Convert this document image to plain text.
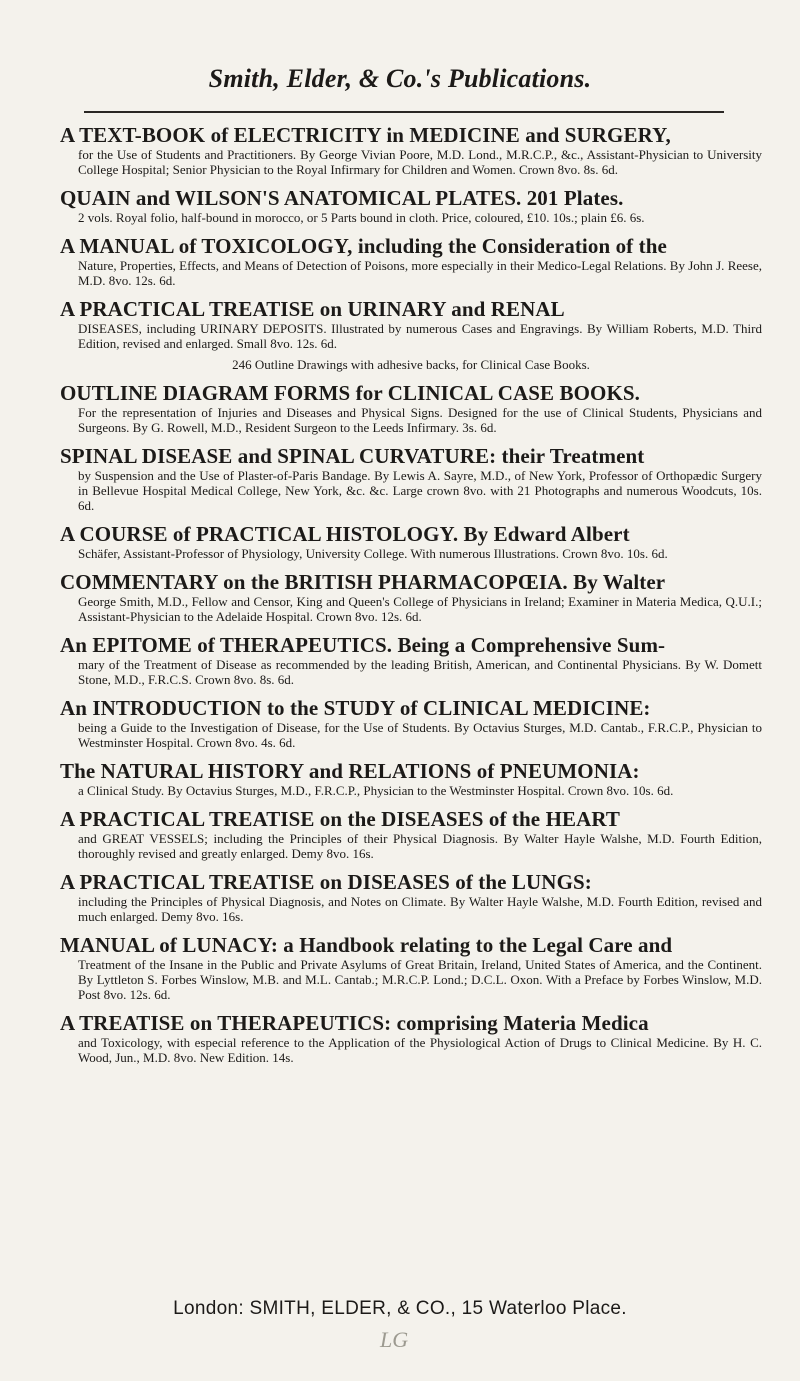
Smith, Elder, & Co.'s Publications.
A TEXT-BOOK of ELECTRICITY in MEDICINE and SURGERY,
for the Use of Students and Practitioners. By George Vivian Poore, M.D. Lond., M.R.C.P., &c., Assistant-Physician to University College Hospital; Senior Physician to the Royal Infirmary for Children and Women. Crown 8vo. 8s. 6d.
QUAIN and WILSON'S ANATOMICAL PLATES. 201 Plates.
2 vols. Royal folio, half-bound in morocco, or 5 Parts bound in cloth. Price, coloured, £10. 10s.; plain £6. 6s.
A MANUAL of TOXICOLOGY, including the Consideration of the
Nature, Properties, Effects, and Means of Detection of Poisons, more especially in their Medico-Legal Relations. By John J. Reese, M.D. 8vo. 12s. 6d.
A PRACTICAL TREATISE on URINARY and RENAL
DISEASES, including URINARY DEPOSITS. Illustrated by numerous Cases and Engravings. By William Roberts, M.D. Third Edition, revised and enlarged. Small 8vo. 12s. 6d.
246 Outline Drawings with adhesive backs, for Clinical Case Books.
OUTLINE DIAGRAM FORMS for CLINICAL CASE BOOKS.
For the representation of Injuries and Diseases and Physical Signs. Designed for the use of Clinical Students, Physicians and Surgeons. By G. Rowell, M.D., Resident Surgeon to the Leeds Infirmary. 3s. 6d.
SPINAL DISEASE and SPINAL CURVATURE: their Treatment
by Suspension and the Use of Plaster-of-Paris Bandage. By Lewis A. Sayre, M.D., of New York, Professor of Orthopædic Surgery in Bellevue Hospital Medical College, New York, &c. &c. Large crown 8vo. with 21 Photographs and numerous Woodcuts, 10s. 6d.
A COURSE of PRACTICAL HISTOLOGY. By Edward Albert
Schäfer, Assistant-Professor of Physiology, University College. With numerous Illustrations. Crown 8vo. 10s. 6d.
COMMENTARY on the BRITISH PHARMACOPŒIA. By Walter
George Smith, M.D., Fellow and Censor, King and Queen's College of Physicians in Ireland; Examiner in Materia Medica, Q.U.I.; Assistant-Physician to the Adelaide Hospital. Crown 8vo. 12s. 6d.
An EPITOME of THERAPEUTICS. Being a Comprehensive Sum-
mary of the Treatment of Disease as recommended by the leading British, American, and Continental Physicians. By W. Domett Stone, M.D., F.R.C.S. Crown 8vo. 8s. 6d.
An INTRODUCTION to the STUDY of CLINICAL MEDICINE:
being a Guide to the Investigation of Disease, for the Use of Students. By Octavius Sturges, M.D. Cantab., F.R.C.P., Physician to Westminster Hospital. Crown 8vo. 4s. 6d.
The NATURAL HISTORY and RELATIONS of PNEUMONIA:
a Clinical Study. By Octavius Sturges, M.D., F.R.C.P., Physician to the Westminster Hospital. Crown 8vo. 10s. 6d.
A PRACTICAL TREATISE on the DISEASES of the HEART
and GREAT VESSELS; including the Principles of their Physical Diagnosis. By Walter Hayle Walshe, M.D. Fourth Edition, thoroughly revised and greatly enlarged. Demy 8vo. 16s.
A PRACTICAL TREATISE on DISEASES of the LUNGS:
including the Principles of Physical Diagnosis, and Notes on Climate. By Walter Hayle Walshe, M.D. Fourth Edition, revised and much enlarged. Demy 8vo. 16s.
MANUAL of LUNACY: a Handbook relating to the Legal Care and
Treatment of the Insane in the Public and Private Asylums of Great Britain, Ireland, United States of America, and the Continent. By Lyttleton S. Forbes Winslow, M.B. and M.L. Cantab.; M.R.C.P. Lond.; D.C.L. Oxon. With a Preface by Forbes Winslow, M.D. Post 8vo. 12s. 6d.
A TREATISE on THERAPEUTICS: comprising Materia Medica
and Toxicology, with especial reference to the Application of the Physiological Action of Drugs to Clinical Medicine. By H. C. Wood, Jun., M.D. 8vo. New Edition. 14s.
London: SMITH, ELDER, & CO., 15 Waterloo Place.
LG
